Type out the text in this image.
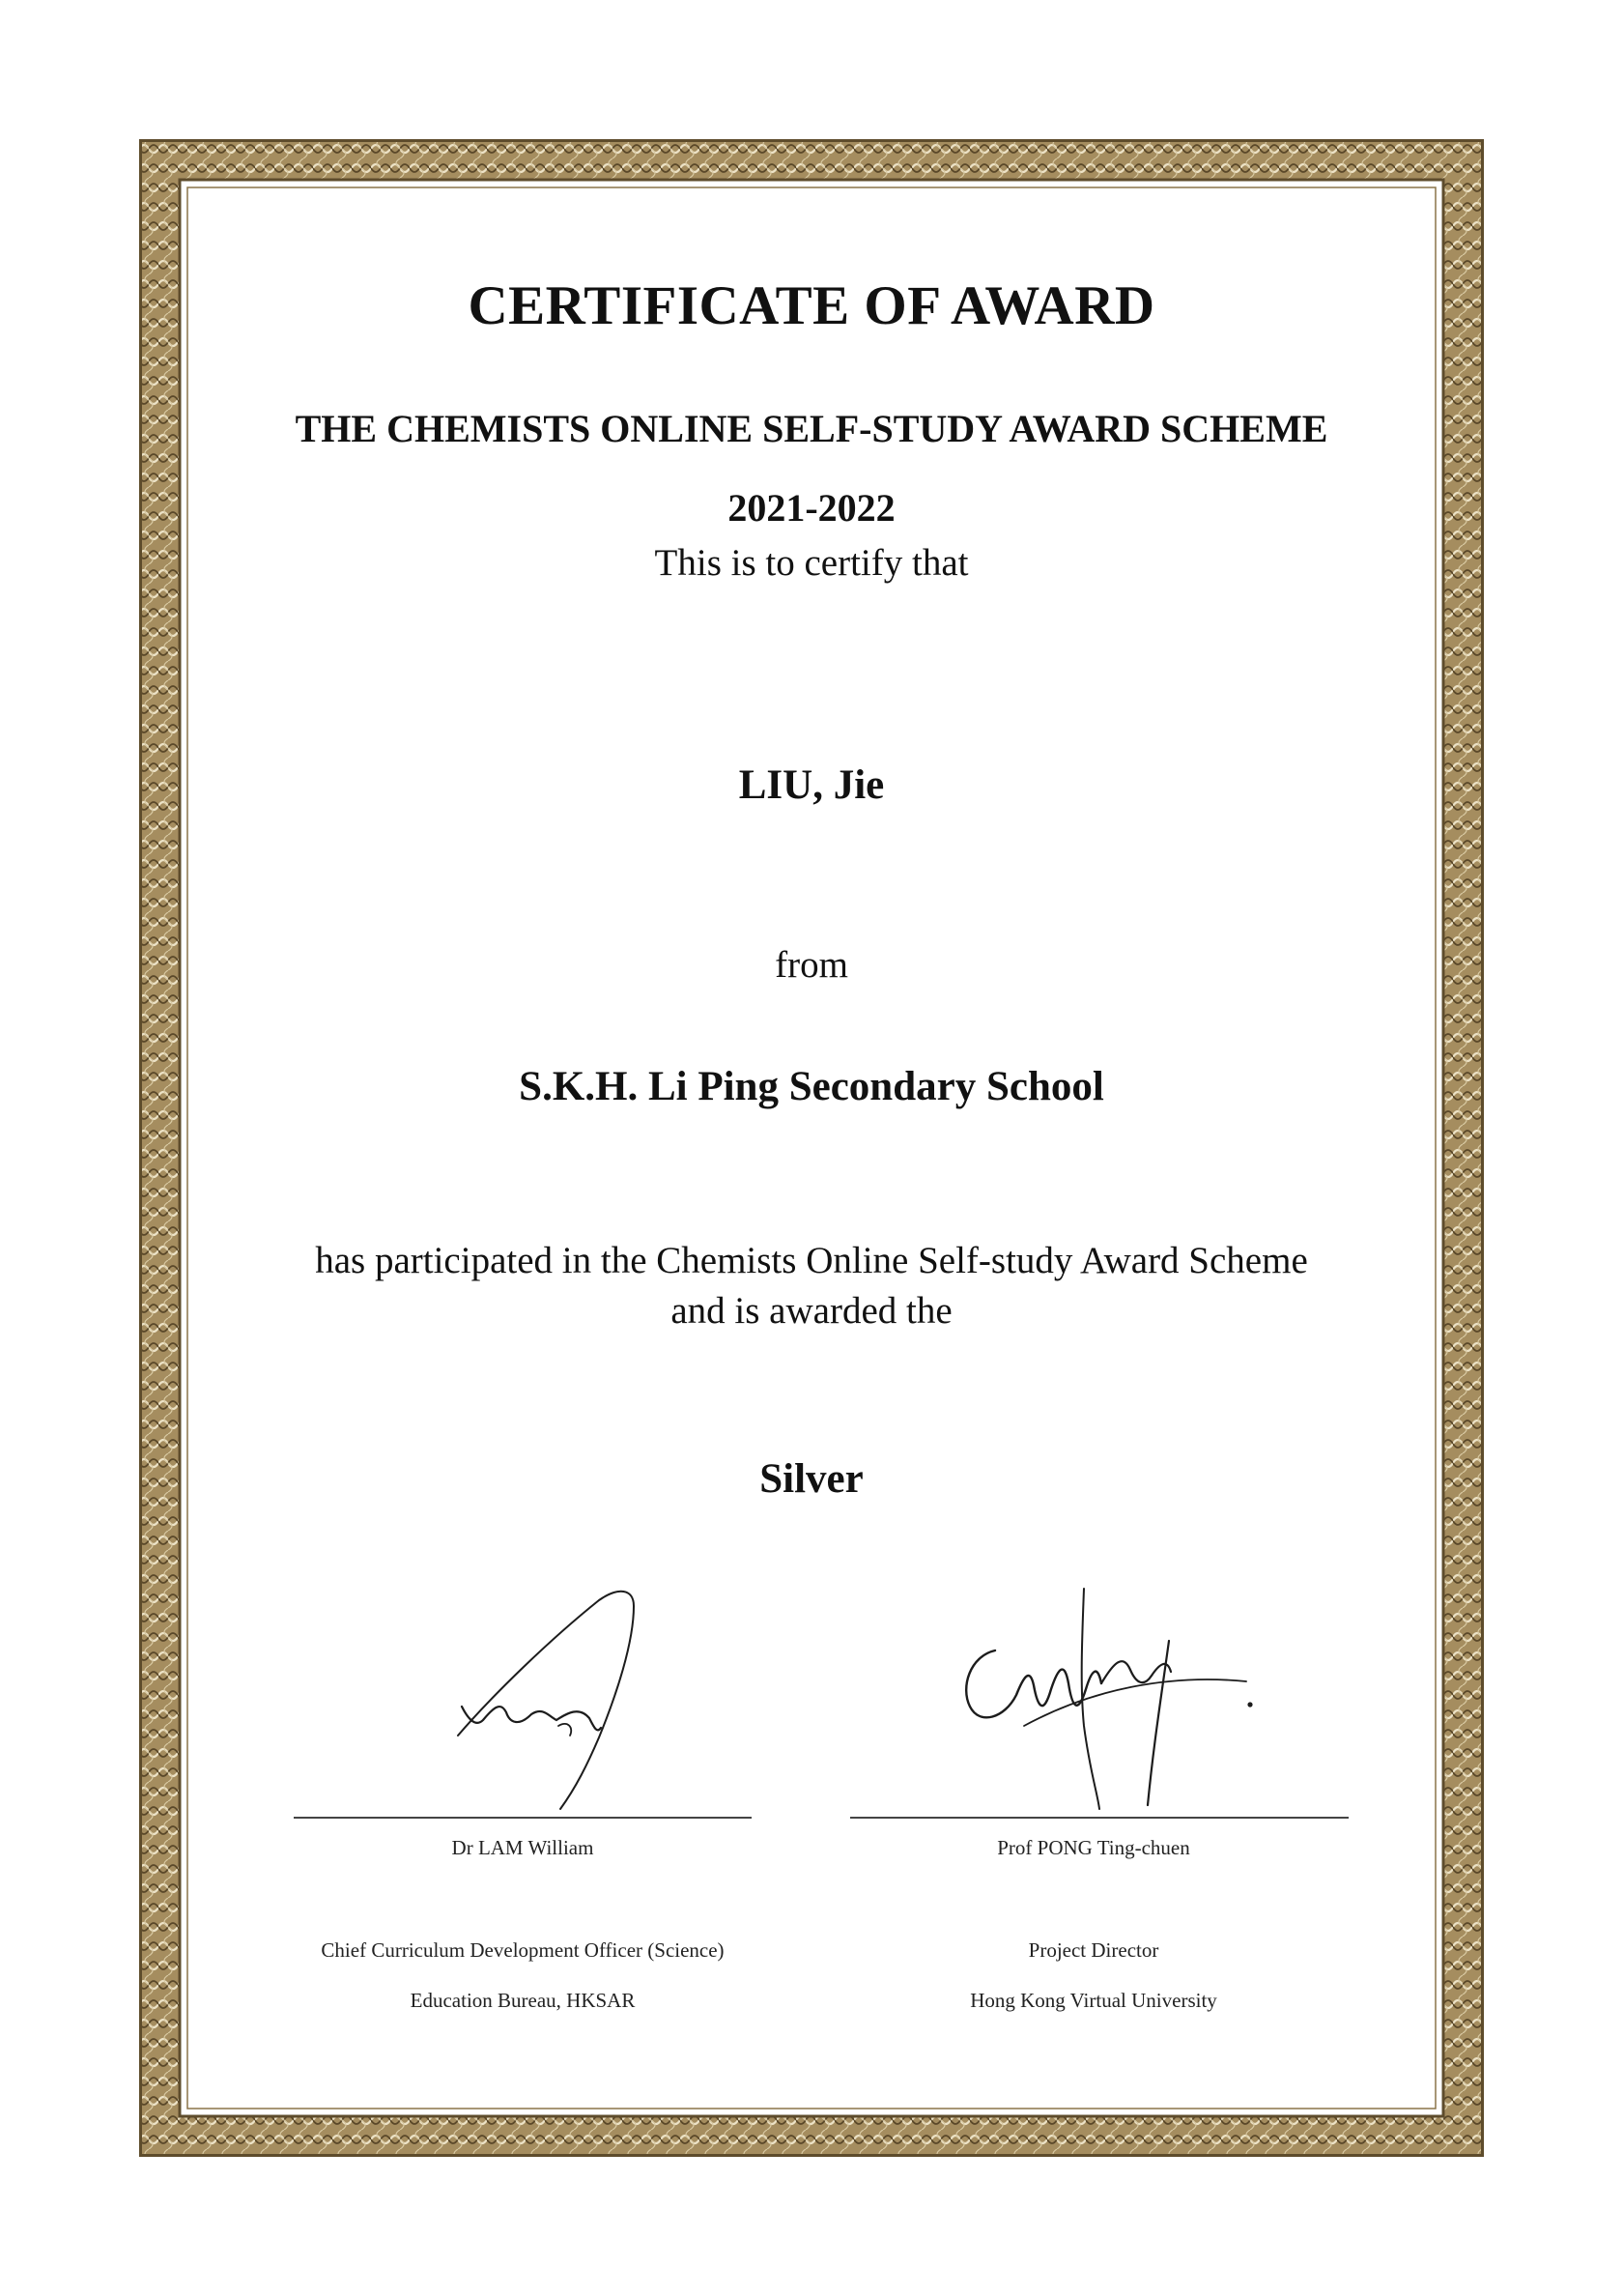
CERTIFICATE OF AWARD
THE CHEMISTS ONLINE SELF-STUDY AWARD SCHEME
2021-2022
This is to certify that
LIU, Jie
from
S.K.H. Li Ping Secondary School
has participated in the Chemists Online Self-study Award Scheme
and is awarded the
Silver
Dr LAM William
Chief Curriculum Development Officer (Science)
Education Bureau, HKSAR
Prof PONG Ting-chuen
Project Director
Hong Kong Virtual University
